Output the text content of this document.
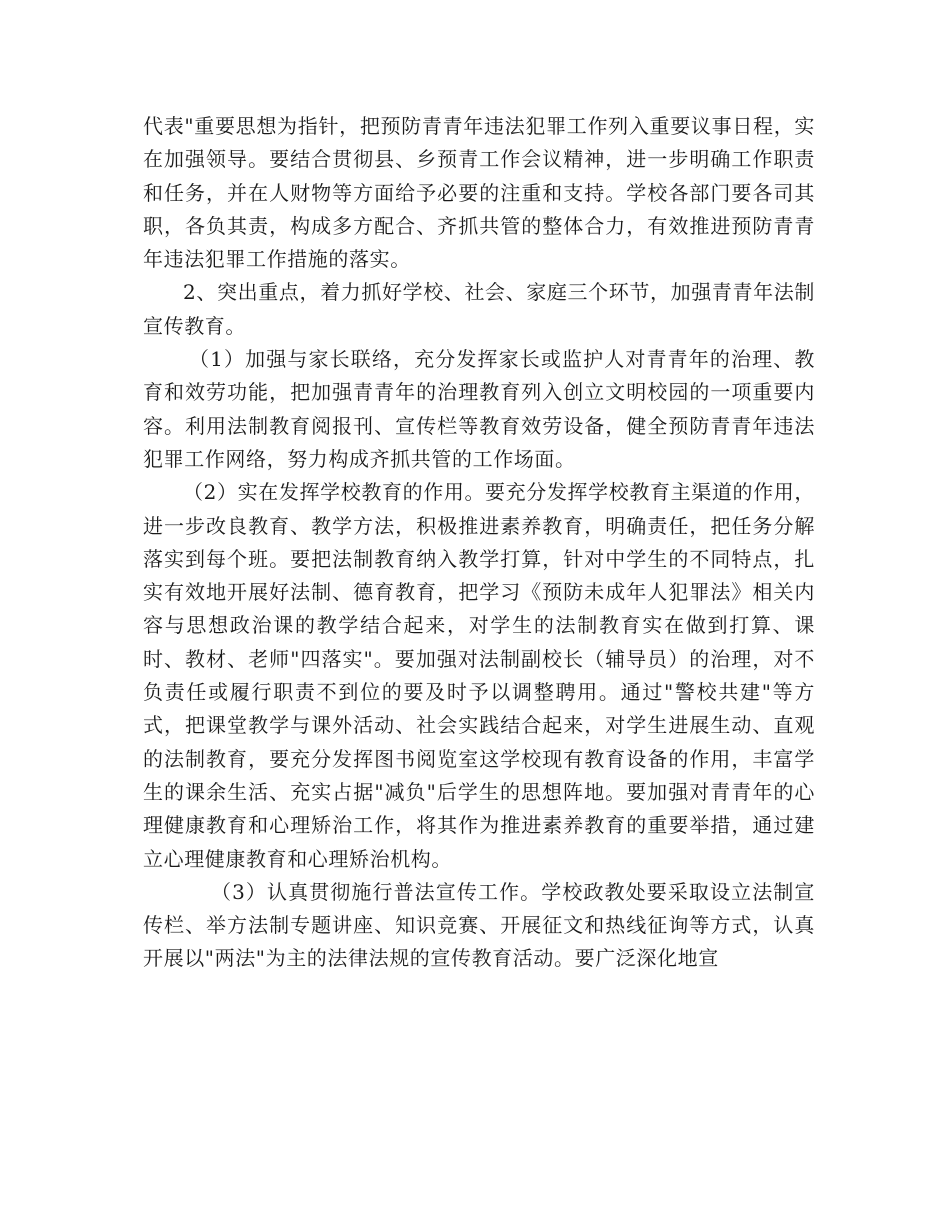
代表"重要思想为指针，把预防青青年违法犯罪工作列入重要议事日程，实在加强领导。要结合贯彻县、乡预青工作会议精神，进一步明确工作职责和任务，并在人财物等方面给予必要的注重和支持。学校各部门要各司其职，各负其责，构成多方配合、齐抓共管的整体合力，有效推进预防青青年违法犯罪工作措施的落实。

2、突出重点，着力抓好学校、社会、家庭三个环节，加强青青年法制宣传教育。

（1）加强与家长联络，充分发挥家长或监护人对青青年的治理、教育和效劳功能，把加强青青年的治理教育列入创立文明校园的一项重要内容。利用法制教育阅报刊、宣传栏等教育效劳设备，健全预防青青年违法犯罪工作网络，努力构成齐抓共管的工作场面。

（2）实在发挥学校教育的作用。要充分发挥学校教育主渠道的作用，进一步改良教育、教学方法，积极推进素养教育，明确责任，把任务分解落实到每个班。要把法制教育纳入教学打算，针对中学生的不同特点，扎实有效地开展好法制、德育教育，把学习《预防未成年人犯罪法》相关内容与思想政治课的教学结合起来，对学生的法制教育实在做到打算、课时、教材、老师"四落实"。要加强对法制副校长（辅导员）的治理，对不负责任或履行职责不到位的要及时予以调整聘用。通过"警校共建"等方式，把课堂教学与课外活动、社会实践结合起来，对学生进展生动、直观的法制教育，要充分发挥图书阅览室这学校现有教育设备的作用，丰富学生的课余生活、充实占据"减负"后学生的思想阵地。要加强对青青年的心理健康教育和心理矫治工作，将其作为推进素养教育的重要举措，通过建立心理健康教育和心理矫治机构。

（3）认真贯彻施行普法宣传工作。学校政教处要采取设立法制宣传栏、举方法制专题讲座、知识竞赛、开展征文和热线征询等方式，认真开展以"两法"为主的法律法规的宣传教育活动。要广泛深化地宣
